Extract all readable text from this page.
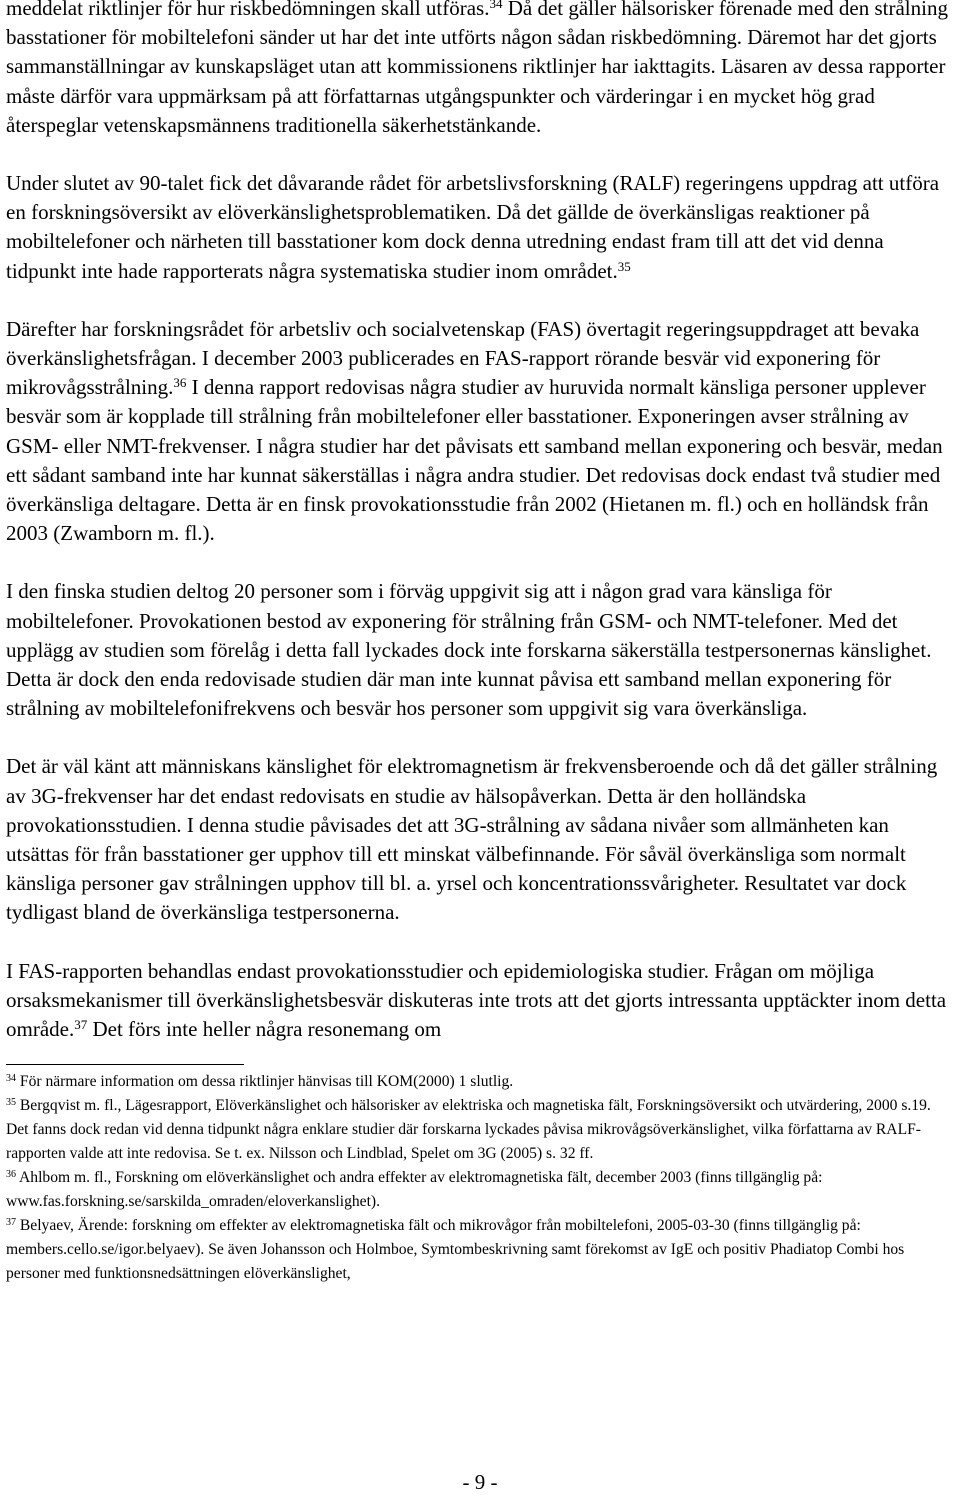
meddelat riktlinjer för hur riskbedömningen skall utföras.$^{34}$ Då det gäller hälsorisker förenade med den strålning basstationer för mobiltelefoni sänder ut har det inte utförts någon sådan riskbedömning. Däremot har det gjorts sammanställningar av kunskapsläget utan att kommissionens riktlinjer har iakttagits. Läsaren av dessa rapporter måste därför vara uppmärksam på att författarnas utgångspunkter och värderingar i en mycket hög grad återspeglar vetenskapsmännens traditionella säkerhetstänkande.

Under slutet av 90-talet fick det dåvarande rådet för arbetslivsforskning (RALF) regeringens uppdrag att utföra en forskningsöversikt av elöverkänslighetsproblematiken. Då det gällde de överkänsligas reaktioner på mobiltelefoner och närheten till basstationer kom dock denna utredning endast fram till att det vid denna tidpunkt inte hade rapporterats några systematiska studier inom området.$^{35}$

Därefter har forskningsrådet för arbetsliv och socialvetenskap (FAS) övertagit regeringsuppdraget att bevaka överkänslighetsfrågan. I december 2003 publicerades en FAS-rapport rörande besvär vid exponering för mikrovågsstrålning.$^{36}$ I denna rapport redovisas några studier av huruvida normalt känsliga personer upplever besvär som är kopplade till strålning från mobiltelefoner eller basstationer. Exponeringen avser strålning av GSM- eller NMT-frekvenser. I några studier har det påvisats ett samband mellan exponering och besvär, medan ett sådant samband inte har kunnat säkerställas i några andra studier. Det redovisas dock endast två studier med överkänsliga deltagare. Detta är en finsk provokationsstudie från 2002 (Hietanen m. fl.) och en holländsk från 2003 (Zwamborn m. fl.).

I den finska studien deltog 20 personer som i förväg uppgivit sig att i någon grad vara känsliga för mobiltelefoner. Provokationen bestod av exponering för strålning från GSM- och NMT-telefoner. Med det upplägg av studien som förelåg i detta fall lyckades dock inte forskarna säkerställa testpersonernas känslighet. Detta är dock den enda redovisade studien där man inte kunnat påvisa ett samband mellan exponering för strålning av mobiltelefonifrekvens och besvär hos personer som uppgivit sig vara överkänsliga.

Det är väl känt att människans känslighet för elektromagnetism är frekvensberoende och då det gäller strålning av 3G-frekvenser har det endast redovisats en studie av hälsopåverkan. Detta är den holländska provokationsstudien. I denna studie påvisades det att 3G-strålning av sådana nivåer som allmänheten kan utsättas för från basstationer ger upphov till ett minskat välbefinnande. För såväl överkänsliga som normalt känsliga personer gav strålningen upphov till bl. a. yrsel och koncentrationssvårigheter. Resultatet var dock tydligast bland de överkänsliga testpersonerna.

I FAS-rapporten behandlas endast provokationsstudier och epidemiologiska studier. Frågan om möjliga orsaksmekanismer till överkänslighetsbesvär diskuteras inte trots att det gjorts intressanta upptäckter inom detta område.$^{37}$ Det förs inte heller några resonemang om

$^{34}$ För närmare information om dessa riktlinjer hänvisas till KOM(2000) 1 slutlig.

$^{35}$ Bergqvist m. fl., Lägesrapport, Elöverkänslighet och hälsorisker av elektriska och magnetiska fält, Forskningsöversikt och utvärdering, 2000 s.19. Det fanns dock redan vid denna tidpunkt några enklare studier där forskarna lyckades påvisa mikrovågsöverkänslighet, vilka författarna av RALF-rapporten valde att inte redovisa. Se t. ex. Nilsson och Lindblad, Spelet om 3G (2005) s. 32 ff.

$^{36}$ Ahlbom m. fl., Forskning om elöverkänslighet och andra effekter av elektromagnetiska fält, december 2003 (finns tillgänglig på: www.fas.forskning.se/sarskilda_omraden/eloverkanslighet).

$^{37}$ Belyaev, Ärende: forskning om effekter av elektromagnetiska fält och mikrovågor från mobiltelefoni, 2005-03-30 (finns tillgänglig på: members.cello.se/igor.belyaev). Se även Johansson och Holmboe, Symtombeskrivning samt förekomst av IgE och positiv Phadiatop Combi hos personer med funktionsnedsättningen elöverkänslighet,

- 9 -
